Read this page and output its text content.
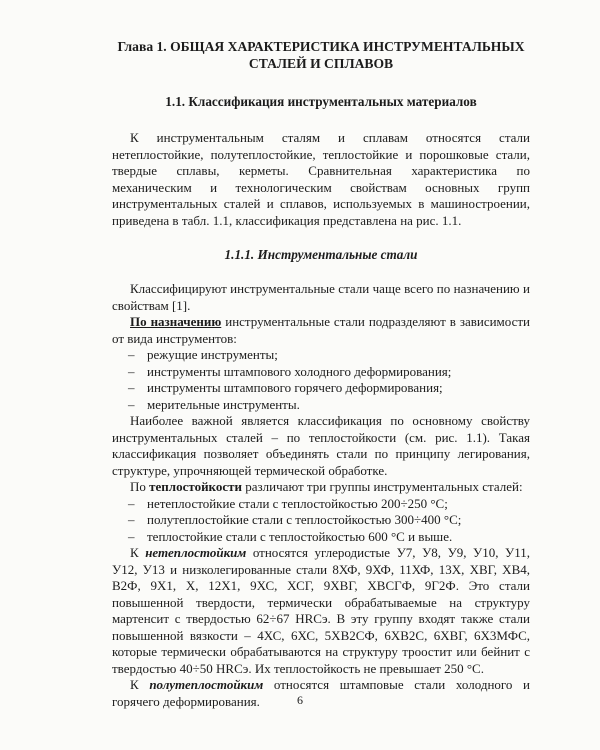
Глава 1. ОБЩАЯ ХАРАКТЕРИСТИКА ИНСТРУМЕНТАЛЬНЫХ
СТАЛЕЙ И СПЛАВОВ
1.1. Классификация инструментальных материалов

К инструментальным сталям и сплавам относятся стали нетеплостойкие, полутеплостойкие, теплостойкие и порошковые стали, твердые сплавы, керметы. Сравнительная характеристика по механическим и технологическим свойствам основных групп инструментальных сталей и сплавов, используемых в машиностроении, приведена в табл. 1.1, классификация представлена на рис. 1.1.

1.1.1. Инструментальные стали

Классифицируют инструментальные стали чаще всего по назначению и свойствам [1].

По назначению инструментальные стали подразделяют в зависимости от вида инструментов:

– режущие инструменты;
– инструменты штампового холодного деформирования;
– инструменты штампового горячего деформирования;
– мерительные инструменты.

Наиболее важной является классификация по основному свойству инструментальных сталей – по теплостойкости (см. рис. 1.1). Такая классификация позволяет объединять стали по принципу легирования, структуре, упрочняющей термической обработке.

По теплостойкости различают три группы инструментальных сталей:

– нетеплостойкие стали с теплостойкостью 200÷250 °С;
– полутеплостойкие стали с теплостойкостью 300÷400 °С;
– теплостойкие стали с теплостойкостью 600 °С и выше.

К нетеплостойким относятся углеродистые У7, У8, У9, У10, У11, У12, У13 и низколегированные стали 8ХФ, 9ХФ, 11ХФ, 13Х, ХВГ, ХВ4, В2Ф, 9Х1, Х, 12Х1, 9ХС, ХСГ, 9ХВГ, ХВСГФ, 9Г2Ф. Это стали повышенной твердости, термически обрабатываемые на структуру мартенсит с твердостью 62÷67 HRCэ. В эту группу входят также стали повышенной вязкости – 4ХС, 6ХС, 5ХВ2СФ, 6ХВ2С, 6ХВГ, 6Х3МФС, которые термически обрабатываются на структуру троостит или бейнит с твердостью 40÷50 HRCэ. Их теплостойкость не превышает 250 °С.

К полутеплостойким относятся штамповые стали холодного и горячего деформирования.	6
